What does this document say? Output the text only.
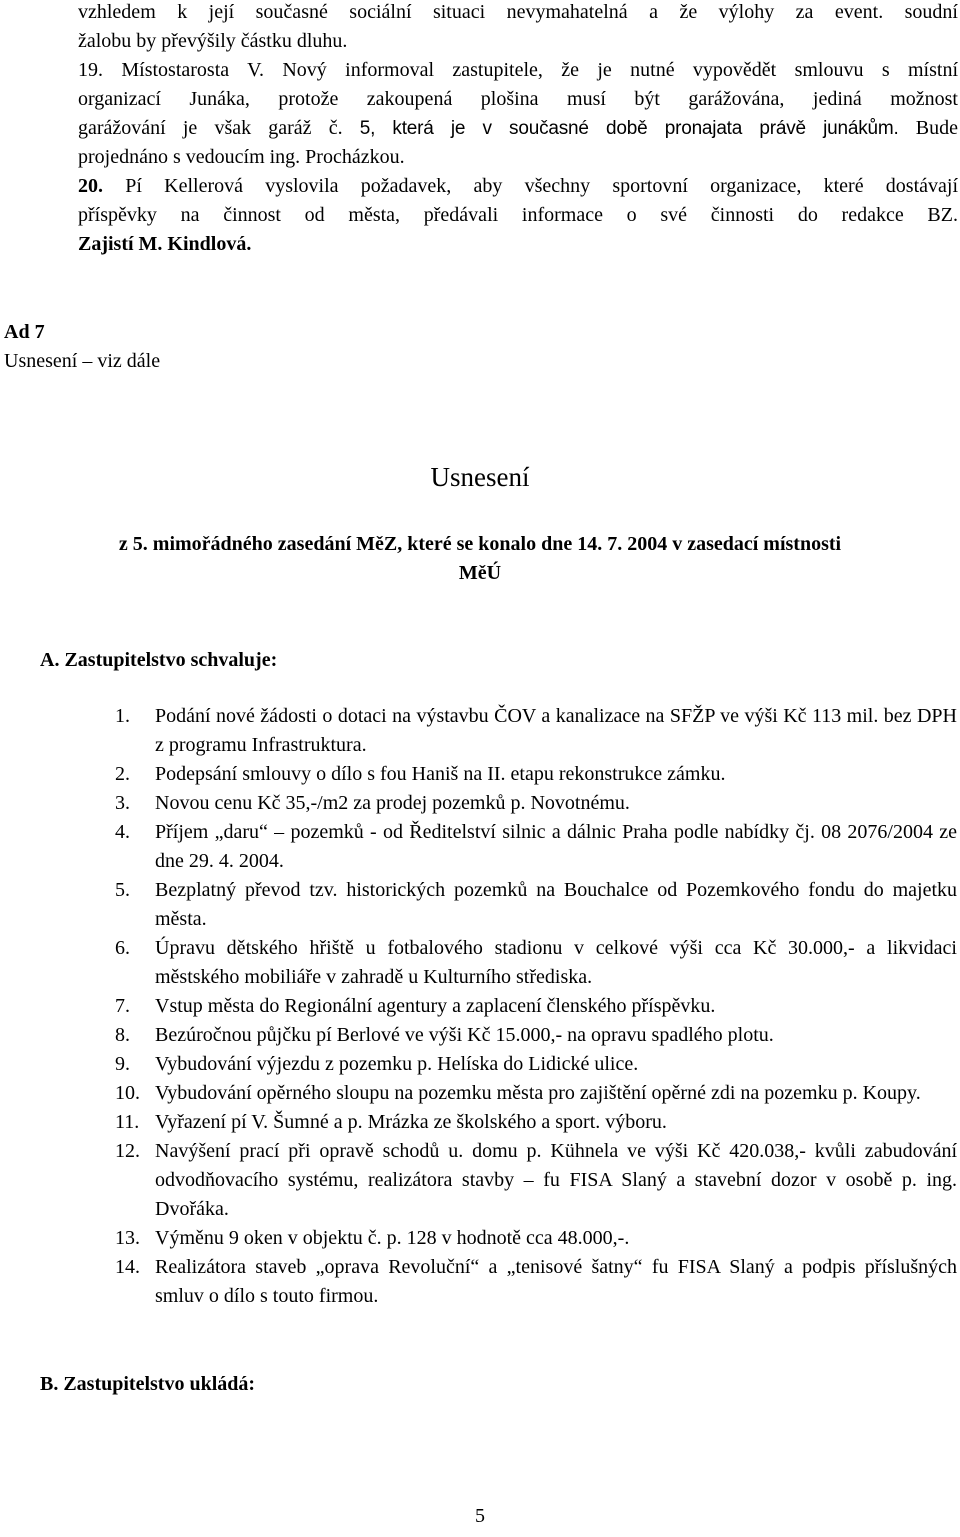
vzhledem k její současné sociální situaci nevymahatelná a že výlohy za event. soudní
žalobu by převýšily částku dluhu.
19. Místostarosta V. Nový informoval zastupitele, že je nutné vypovědět smlouvu s místní
organizací Junáka, protože zakoupená plošina musí být garážována, jediná možnost
garážování je však garáž č. 5, která je v současné době pronajata právě junákům. Bude
projednáno s vedoucím ing. Procházkou.
20. Pí Kellerová vyslovila požadavek, aby všechny sportovní organizace, které dostávají
příspěvky na činnost od města, předávali informace o své činnosti do redakce BZ.
Zajistí M. Kindlová.
Ad 7
Usnesení – viz dále
Usnesení
z 5. mimořádného zasedání MěZ, které se konalo dne 14. 7. 2004 v zasedací místnosti
MěÚ
A. Zastupitelstvo schvaluje:
1.	Podání nové žádosti o dotaci na výstavbu ČOV a kanalizace na SFŽP ve výši Kč 113 mil. bez DPH z programu Infrastruktura.
2.	Podepsání smlouvy o dílo s fou Haniš na II. etapu rekonstrukce zámku.
3.	Novou cenu Kč 35,-/m2 za prodej pozemků p. Novotnému.
4.	Příjem „daru“ – pozemků - od Ředitelství silnic a dálnic Praha podle nabídky čj. 08 2076/2004 ze dne 29. 4. 2004.
5.	Bezplatný převod tzv. historických pozemků na Bouchalce od Pozemkového fondu do majetku města.
6.	Úpravu dětského hřiště u fotbalového stadionu v celkové výši cca Kč 30.000,- a likvidaci městského mobiliáře v zahradě u Kulturního střediska.
7.	Vstup města do Regionální agentury a zaplacení členského příspěvku.
8.	Bezúročnou půjčku pí Berlové ve výši Kč 15.000,- na opravu spadlého plotu.
9.	Vybudování výjezdu z pozemku p. Helíska do Lidické ulice.
10. Vybudování opěrného sloupu na pozemku města pro zajištění opěrné zdi na pozemku p. Koupy.
11. Vyřazení pí V. Šumné a p. Mrázka ze školského a sport. výboru.
12. Navýšení prací při opravě schodů u. domu p. Kühnela ve výši Kč 420.038,- kvůli zabudování odvodňovacího systému, realizátora stavby – fu FISA Slaný a stavební dozor v osobě p. ing. Dvořáka.
13. Výměnu 9 oken v objektu č. p. 128 v hodnotě cca 48.000,-.
14. Realizátora staveb „oprava Revoluční“ a „tenisové šatny“ fu FISA Slaný a podpis příslušných smluv o dílo s touto firmou.
B. Zastupitelstvo ukládá:
5
